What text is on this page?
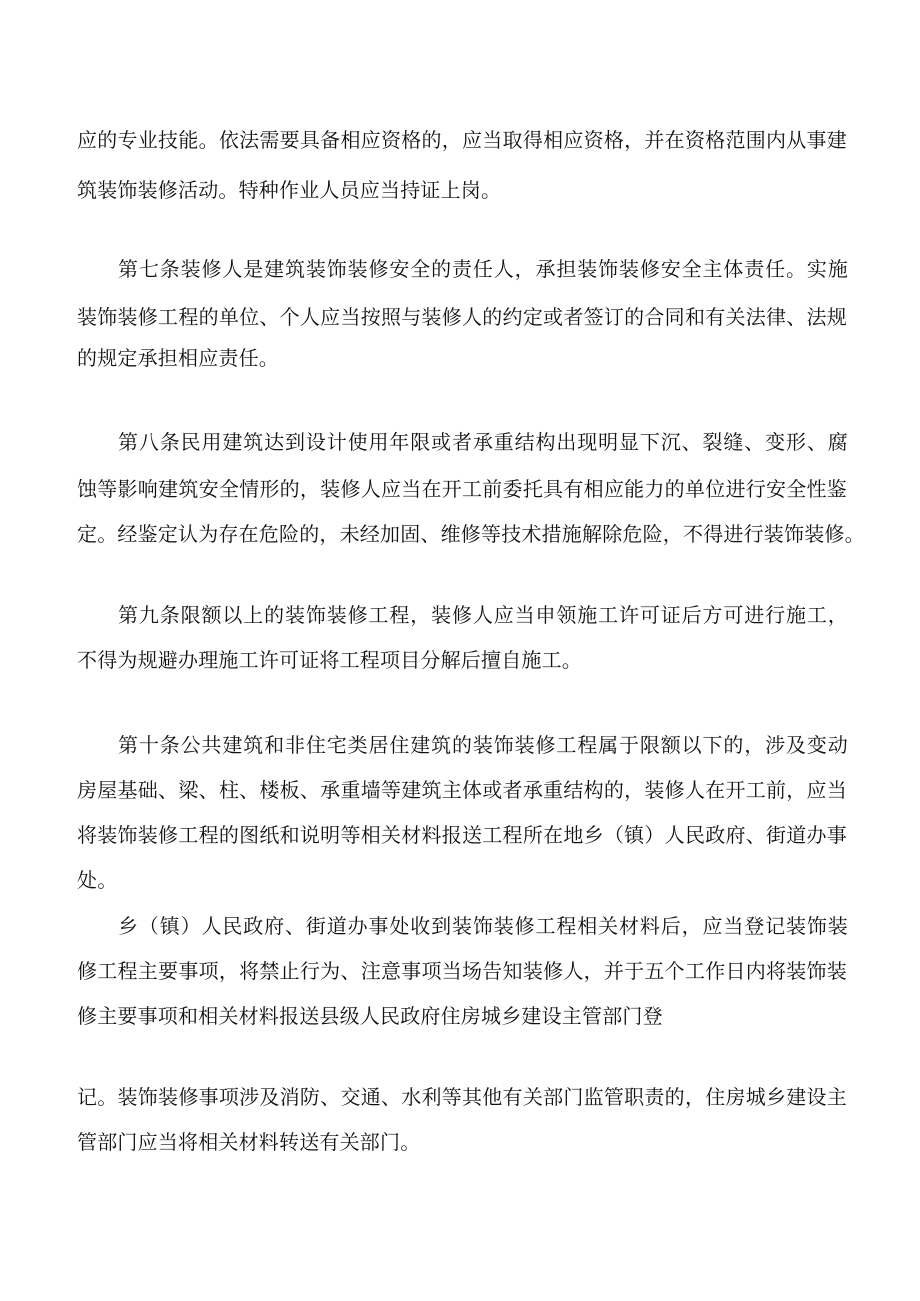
应的专业技能。依法需要具备相应资格的，应当取得相应资格，并在资格范围内从事建
筑装饰装修活动。特种作业人员应当持证上岗。
第七条装修人是建筑装饰装修安全的责任人，承担装饰装修安全主体责任。实施
装饰装修工程的单位、个人应当按照与装修人的约定或者签订的合同和有关法律、法规
的规定承担相应责任。
第八条民用建筑达到设计使用年限或者承重结构出现明显下沉、裂缝、变形、腐
蚀等影响建筑安全情形的，装修人应当在开工前委托具有相应能力的单位进行安全性鉴
定。经鉴定认为存在危险的，未经加固、维修等技术措施解除危险，不得进行装饰装修。
第九条限额以上的装饰装修工程，装修人应当申领施工许可证后方可进行施工，
不得为规避办理施工许可证将工程项目分解后擅自施工。
第十条公共建筑和非住宅类居住建筑的装饰装修工程属于限额以下的，涉及变动
房屋基础、梁、柱、楼板、承重墙等建筑主体或者承重结构的，装修人在开工前，应当
将装饰装修工程的图纸和说明等相关材料报送工程所在地乡（镇）人民政府、街道办事
处。
乡（镇）人民政府、街道办事处收到装饰装修工程相关材料后，应当登记装饰装
修工程主要事项，将禁止行为、注意事项当场告知装修人，并于五个工作日内将装饰装
修主要事项和相关材料报送县级人民政府住房城乡建设主管部门登
记。装饰装修事项涉及消防、交通、水利等其他有关部门监管职责的，住房城乡建设主
管部门应当将相关材料转送有关部门。
